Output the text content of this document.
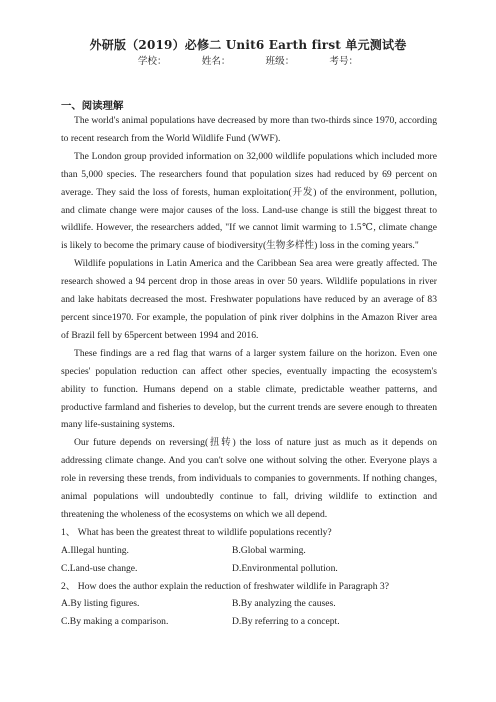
外研版（2019）必修二 Unit6 Earth first 单元测试卷
学校：	姓名：	班级：	考号：
一、阅读理解

The world's animal populations have decreased by more than two-thirds since 1970, according to recent research from the World Wildlife Fund (WWF).

The London group provided information on 32,000 wildlife populations which included more than 5,000 species. The researchers found that population sizes had reduced by 69 percent on average. They said the loss of forests, human exploitation(开发) of the environment, pollution, and climate change were major causes of the loss. Land-use change is still the biggest threat to wildlife. However, the researchers added, "If we cannot limit warming to 1.5℃, climate change is likely to become the primary cause of biodiversity(生物多样性) loss in the coming years."

Wildlife populations in Latin America and the Caribbean Sea area were greatly affected. The research showed a 94 percent drop in those areas in over 50 years. Wildlife populations in river and lake habitats decreased the most. Freshwater populations have reduced by an average of 83 percent since1970. For example, the population of pink river dolphins in the Amazon River area of Brazil fell by 65percent between 1994 and 2016.

These findings are a red flag that warns of a larger system failure on the horizon. Even one species' population reduction can affect other species, eventually impacting the ecosystem's ability to function. Humans depend on a stable climate, predictable weather patterns, and productive farmland and fisheries to develop, but the current trends are severe enough to threaten many life-sustaining systems.

Our future depends on reversing(扭转) the loss of nature just as much as it depends on addressing climate change. And you can't solve one without solving the other. Everyone plays a role in reversing these trends, from individuals to companies to governments. If nothing changes, animal populations will undoubtedly continue to fall, driving wildlife to extinction and threatening the wholeness of the ecosystems on which we all depend.

1、 What has been the greatest threat to wildlife populations recently?
A.Illegal hunting.	B.Global warming.
C.Land-use change.	D.Environmental pollution.
2、 How does the author explain the reduction of freshwater wildlife in Paragraph 3?
A.By listing figures.	B.By analyzing the causes.
C.By making a comparison.	D.By referring to a concept.
